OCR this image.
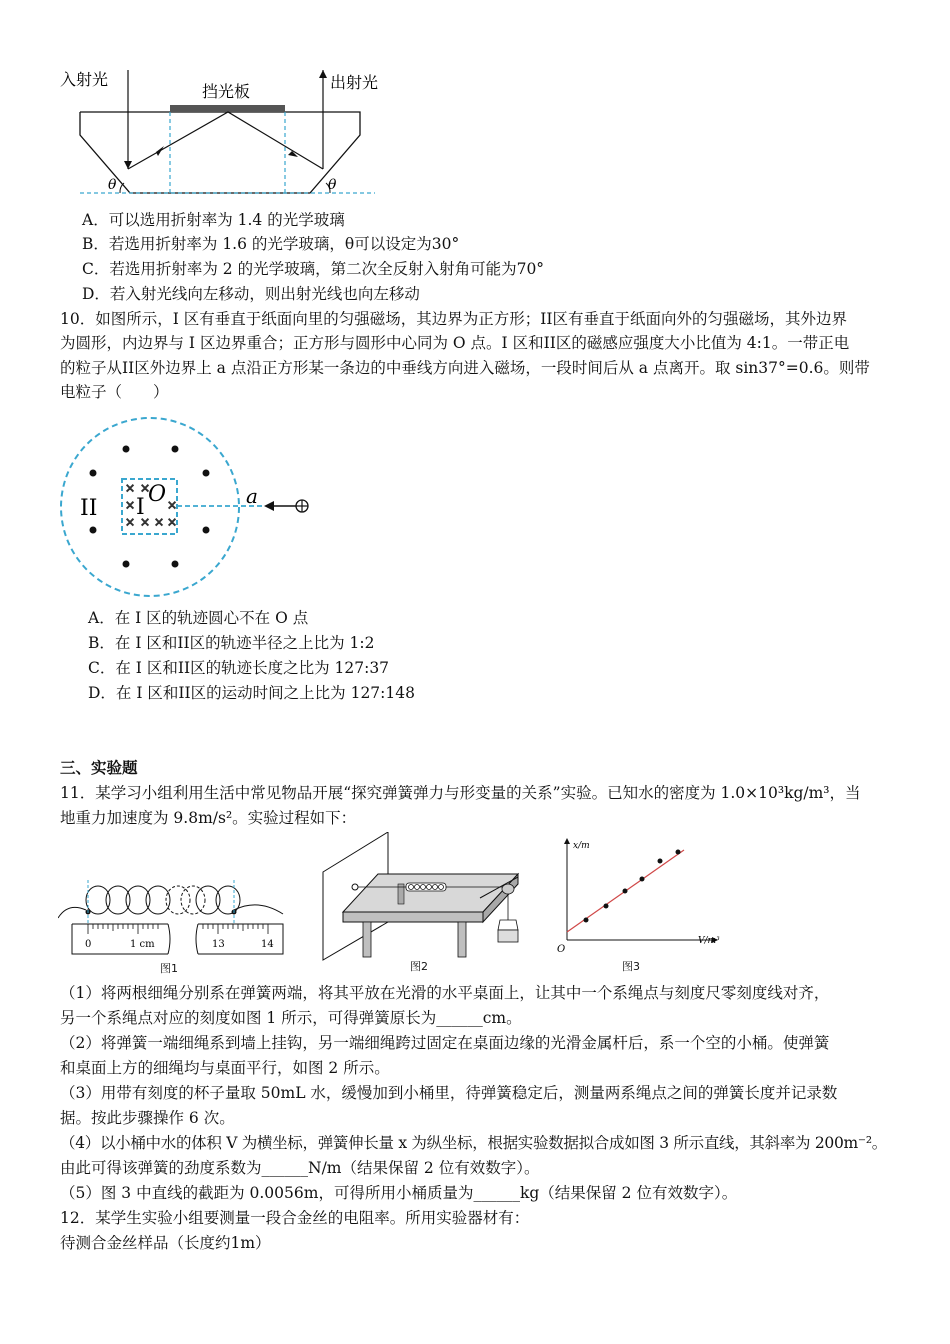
入射光	出射光
挡光板
θ	θ
A．可以选用折射率为 1.4 的光学玻璃
B．若选用折射率为 1.6 的光学玻璃，θ可以设定为30°
C．若选用折射率为 2 的光学玻璃，第二次全反射入射角可能为70°
D．若入射光线向左移动，则出射光线也向左移动
10．如图所示，I 区有垂直于纸面向里的匀强磁场，其边界为正方形；II区有垂直于纸面向外的匀强磁场，其外边界
为圆形，内边界与 I 区边界重合；正方形与圆形中心同为 O 点。I 区和II区的磁感应强度大小比值为 4:1。一带正电
的粒子从II区外边界上 a 点沿正方形某一条边的中垂线方向进入磁场，一段时间后从 a 点离开。取 sin37°=0.6。则带
电粒子（　　）
× ×
×	×
× × × ×
II I
O	a
A．在 I 区的轨迹圆心不在 O 点
B．在 I 区和II区的轨迹半径之上比为 1:2
C．在 I 区和II区的轨迹长度之比为 127:37
D．在 I 区和II区的运动时间之上比为 127:148
三、实验题
11．某学习小组利用生活中常见物品开展“探究弹簧弹力与形变量的关系”实验。已知水的密度为 1.0×10³kg/m³，当
地重力加速度为 9.8m/s²。实验过程如下：
0	1 cm	13	14
图1	图2
x/m
V/m³
O
图3
（1）将两根细绳分别系在弹簧两端，将其平放在光滑的水平桌面上，让其中一个系绳点与刻度尺零刻度线对齐，
另一个系绳点对应的刻度如图 1 所示，可得弹簧原长为______cm。
（2）将弹簧一端细绳系到墙上挂钩，另一端细绳跨过固定在桌面边缘的光滑金属杆后，系一个空的小桶。使弹簧
和桌面上方的细绳均与桌面平行，如图 2 所示。
（3）用带有刻度的杯子量取 50mL 水，缓慢加到小桶里，待弹簧稳定后，测量两系绳点之间的弹簧长度并记录数
据。按此步骤操作 6 次。
（4）以小桶中水的体积 V 为横坐标，弹簧伸长量 x 为纵坐标，根据实验数据拟合成如图 3 所示直线，其斜率为 200m⁻²。
由此可得该弹簧的劲度系数为______N/m（结果保留 2 位有效数字）。
（5）图 3 中直线的截距为 0.0056m，可得所用小桶质量为______kg（结果保留 2 位有效数字）。
12．某学生实验小组要测量一段合金丝的电阻率。所用实验器材有：
待测合金丝样品（长度约1m）
